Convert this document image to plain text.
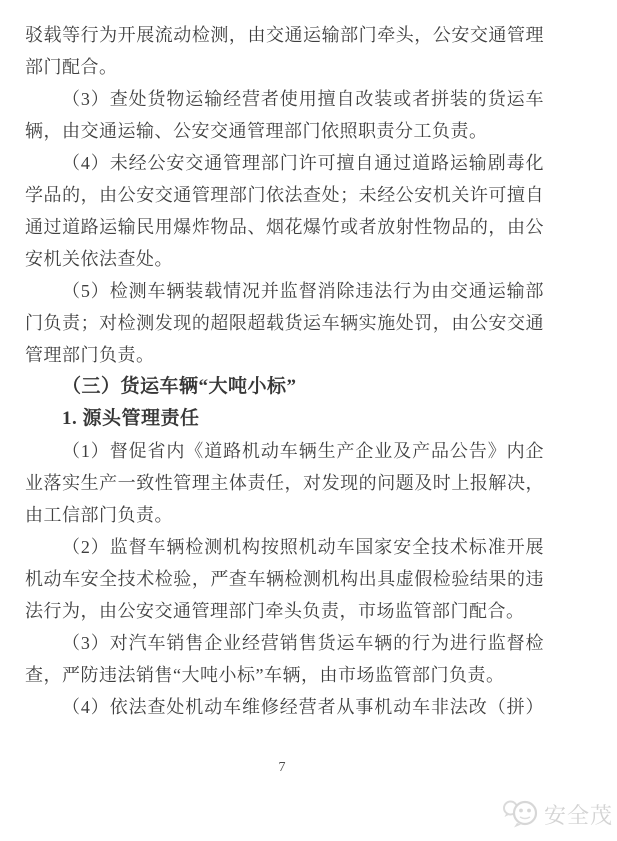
驳载等行为开展流动检测，由交通运输部门牵头，公安交通管理
部门配合。
（3）查处货物运输经营者使用擅自改装或者拼装的货运车
辆，由交通运输、公安交通管理部门依照职责分工负责。
（4）未经公安交通管理部门许可擅自通过道路运输剧毒化
学品的，由公安交通管理部门依法查处；未经公安机关许可擅自
通过道路运输民用爆炸物品、烟花爆竹或者放射性物品的，由公
安机关依法查处。
（5）检测车辆装载情况并监督消除违法行为由交通运输部
门负责；对检测发现的超限超载货运车辆实施处罚，由公安交通
管理部门负责。
（三）货运车辆“大吨小标”
1. 源头管理责任
（1）督促省内《道路机动车辆生产企业及产品公告》内企
业落实生产一致性管理主体责任，对发现的问题及时上报解决，
由工信部门负责。
（2）监督车辆检测机构按照机动车国家安全技术标准开展
机动车安全技术检验，严查车辆检测机构出具虚假检验结果的违
法行为，由公安交通管理部门牵头负责，市场监管部门配合。
（3）对汽车销售企业经营销售货运车辆的行为进行监督检
查，严防违法销售“大吨小标”车辆，由市场监管部门负责。
（4）依法查处机动车维修经营者从事机动车非法改（拼）
7
安全茂
